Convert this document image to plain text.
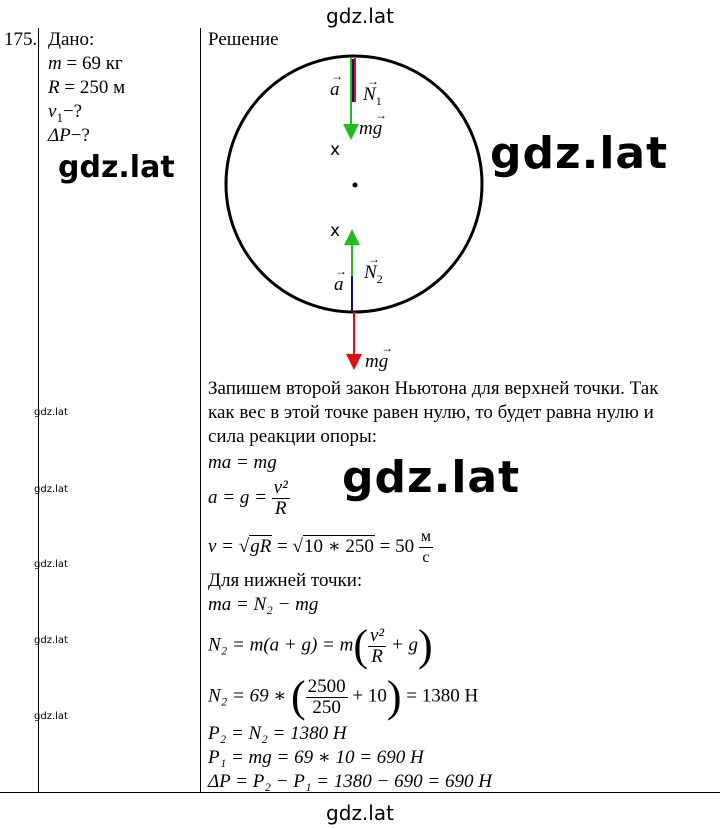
gdz.lat
gdz.lat
175. Дано:
m = 69 кг
R = 250 м
$v_1-$?
ΔP−?
gdz.lat
gdz.lat
gdz.lat
gdz.lat
gdz.lat
gdz.lat
Решение
→
a →
$N_1$
→
mg
x
x
→
$N_2$
→
a
→
mg
gdz.lat
Запишем второй закон Ньютона для верхней точки. Так
как вес в этой точке равен нулю, то будет равна нулю и
сила реакции опоры:
ma = mg gdz.lat
$a = g = \frac{\text{v²}}{R}$
v = √gR = √10 ∗ $250 = 50 \frac{м}{с}$
Для нижней точки:
ma = N₂ − mg
$N_2 = m(a + g) = m( \frac{\text{v²}}{R} + g)$
N₂ = 69 ∗ ( $\frac{2500}{250} + 10) = 1380$ Н
P₂ = N₂ = 1380 Н
P₁ = mg = 69 ∗ 10 = 690 Н
ΔP = P₂ − P₁ = 1380 − 690 = 690 Н
